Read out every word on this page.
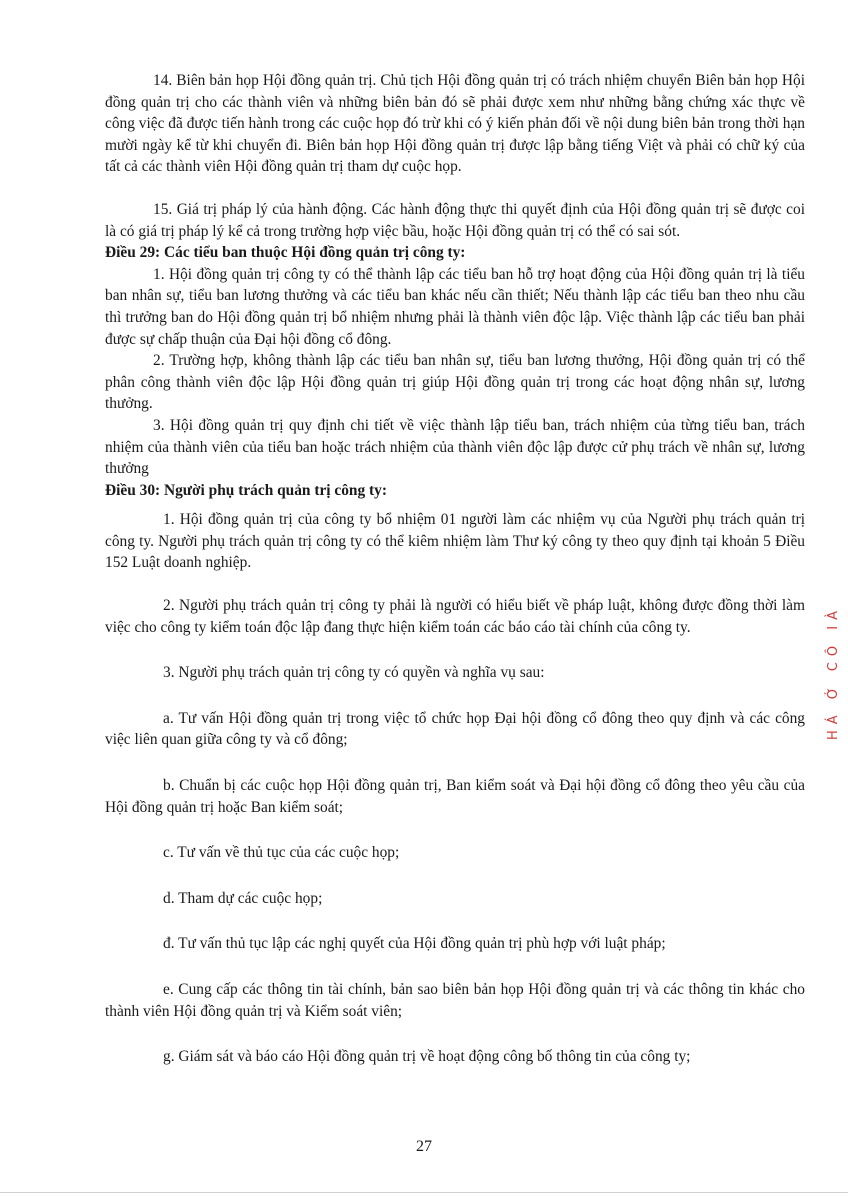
14. Biên bản họp Hội đồng quản trị. Chủ tịch Hội đồng quản trị có trách nhiệm chuyển Biên bản họp Hội đồng quản trị cho các thành viên và những biên bản đó sẽ phải được xem như những bằng chứng xác thực về công việc đã được tiến hành trong các cuộc họp đó trừ khi có ý kiến phản đối về nội dung biên bản trong thời hạn mười ngày kể từ khi chuyển đi. Biên bản họp Hội đồng quản trị được lập bằng tiếng Việt và phải có chữ ký của tất cả các thành viên Hội đồng quản trị tham dự cuộc họp.

15. Giá trị pháp lý của hành động. Các hành động thực thi quyết định của Hội đồng quản trị sẽ được coi là có giá trị pháp lý kể cả trong trường hợp việc bầu, hoặc Hội đồng quản trị có thể có sai sót.

Điều 29: Các tiểu ban thuộc Hội đồng quản trị công ty:

1. Hội đồng quản trị công ty có thể thành lập các tiểu ban hỗ trợ hoạt động của Hội đồng quản trị là tiểu ban nhân sự, tiểu ban lương thưởng và các tiểu ban khác nếu cần thiết; Nếu thành lập các tiểu ban theo nhu cầu thì trưởng ban do Hội đồng quản trị bổ nhiệm nhưng phải là thành viên độc lập. Việc thành lập các tiểu ban phải được sự chấp thuận của Đại hội đồng cổ đông.

2. Trường hợp, không thành lập các tiểu ban nhân sự, tiểu ban lương thưởng, Hội đồng quản trị có thể phân công thành viên độc lập Hội đồng quản trị giúp Hội đồng quản trị trong các hoạt động nhân sự, lương thưởng.

3. Hội đồng quản trị quy định chi tiết về việc thành lập tiểu ban, trách nhiệm của từng tiểu ban, trách nhiệm của thành viên của tiểu ban hoặc trách nhiệm của thành viên độc lập được cử phụ trách về nhân sự, lương thưởng

Điều 30: Người phụ trách quản trị công ty:

1. Hội đồng quản trị của công ty bổ nhiệm 01 người làm các nhiệm vụ của Người phụ trách quản trị công ty. Người phụ trách quản trị công ty có thể kiêm nhiệm làm Thư ký công ty theo quy định tại khoản 5 Điều 152 Luật doanh nghiệp.

2. Người phụ trách quản trị công ty phải là người có hiểu biết về pháp luật, không được đồng thời làm việc cho công ty kiểm toán độc lập đang thực hiện kiểm toán các báo cáo tài chính của công ty.

3. Người phụ trách quản trị công ty có quyền và nghĩa vụ sau:

a. Tư vấn Hội đồng quản trị trong việc tổ chức họp Đại hội đồng cổ đông theo quy định và các công việc liên quan giữa công ty và cổ đông;

b. Chuẩn bị các cuộc họp Hội đồng quản trị, Ban kiểm soát và Đại hội đồng cổ đông theo yêu cầu của Hội đồng quản trị hoặc Ban kiểm soát;

c. Tư vấn về thủ tục của các cuộc họp;

d. Tham dự các cuộc họp;

đ. Tư vấn thủ tục lập các nghị quyết của Hội đồng quản trị phù hợp với luật pháp;

e. Cung cấp các thông tin tài chính, bản sao biên bản họp Hội đồng quản trị và các thông tin khác cho thành viên Hội đồng quản trị và Kiểm soát viên;

g. Giám sát và báo cáo Hội đồng quản trị về hoạt động công bố thông tin của công ty;

HÁ Ở CÔ IÀ
27
